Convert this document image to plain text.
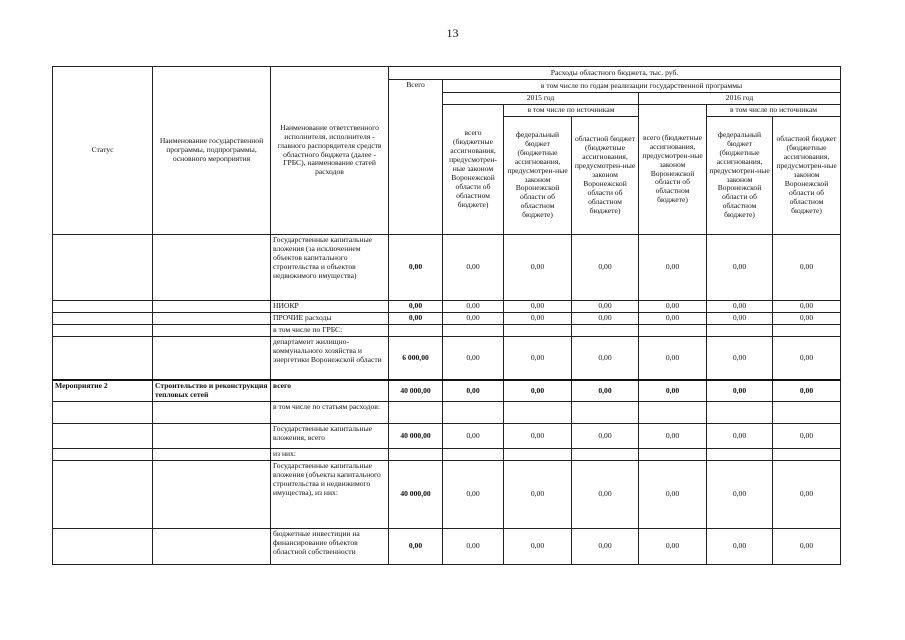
13
Статус	Наименование государственной программы, подпрограммы, основного мероприятия	Наименование ответственного исполнителя, исполнителя - главного распорядителя средств областного бюджета (далее - ГРБС), наименование статей расходов	Расходы областного бюджета, тыс. руб.						
			Всего	в том числе по годам реализации государственной программы					
				2015 год			2016 год		
				всего (бюджетные ассигнования, предусмотрен-ные законом Воронежской области об областном бюджете)	в том числе по источникам		всего (бюджетные ассигнования, предусмотрен-ные законом Воронежской области об областном бюджете)	в том числе по источникам	
					федеральный бюджет (бюджетные ассигнования, предусмотрен-ные законом Воронежской области об областном бюджете)	областной бюджет (бюджетные ассигнования, предусмотрен-ные законом Воронежской области об областном бюджете)		федеральный бюджет (бюджетные ассигнования, предусмотрен-ные законом Воронежской области об областном бюджете)	областной бюджет (бюджетные ассигнования, предусмотрен-ные законом Воронежской области об областном бюджете)
		Государственные капитальные вложения (за исключением объектов капитального строительства и объектов недвижимого имущества)	0,00	0,00	0,00	0,00	0,00	0,00	0,00
		НИОКР	0,00	0,00	0,00	0,00	0,00	0,00	0,00
		ПРОЧИЕ расходы	0,00	0,00	0,00	0,00	0,00	0,00	0,00
		в том числе по ГРБС:							
		департамент жилищно-коммунального хозяйства и энергетики Воронежской области	6 000,00	0,00	0,00	0,00	0,00	0,00	0,00
Мероприятие 2	Строительство и реконструкция тепловых сетей	всего	40 000,00	0,00	0,00	0,00	0,00	0,00	0,00
		в том числе по статьям расходов:							
		Государственные капитальные вложения, всего	40 000,00	0,00	0,00	0,00	0,00	0,00	0,00
		из них:							
		Государственные капитальные вложения (объекты капитального строительства и недвижимого имущества), из них:	40 000,00	0,00	0,00	0,00	0,00	0,00	0,00
		бюджетные инвестиции на финансирование объектов областной собственности	0,00	0,00	0,00	0,00	0,00	0,00	0,00
